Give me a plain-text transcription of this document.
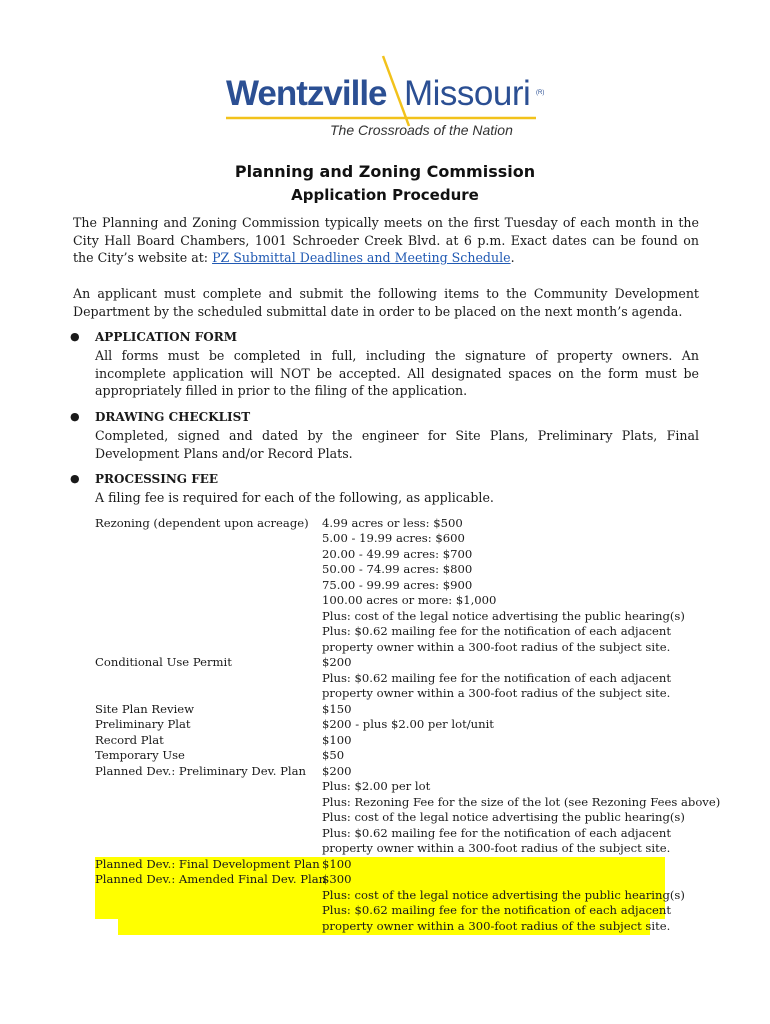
Wentzville Missouri (R)
The Crossroads of the Nation
Planning and Zoning Commission
Application Procedure
The Planning and Zoning Commission typically meets on the first Tuesday of each month in the City Hall Board Chambers, 1001 Schroeder Creek Blvd. at 6 p.m. Exact dates can be found on the City’s website at: PZ Submittal Deadlines and Meeting Schedule.
An applicant must complete and submit the following items to the Community Development Department by the scheduled submittal date in order to be placed on the next month’s agenda.
● APPLICATION FORM
All forms must be completed in full, including the signature of property owners. An incomplete application will NOT be accepted. All designated spaces on the form must be appropriately filled in prior to the filing of the application.
● DRAWING CHECKLIST
Completed, signed and dated by the engineer for Site Plans, Preliminary Plats, Final Development Plans and/or Record Plats.
● PROCESSING FEE
A filing fee is required for each of the following, as applicable.
Rezoning (dependent upon acreage)
Conditional Use Permit
Site Plan Review
Preliminary Plat
Record Plat
Temporary Use
Planned Dev.: Preliminary Dev. Plan
Planned Dev.: Final Development Plan
Planned Dev.: Amended Final Dev. Plan
4.99 acres or less: $500
5.00 - 19.99 acres: $600
20.00 - 49.99 acres: $700
50.00 - 74.99 acres: $800
75.00 - 99.99 acres: $900
100.00 acres or more: $1,000
Plus: cost of the legal notice advertising the public hearing(s)
Plus: $0.62 mailing fee for the notification of each adjacent
property owner within a 300-foot radius of the subject site.
$200
Plus: $0.62 mailing fee for the notification of each adjacent
property owner within a 300-foot radius of the subject site.
$150
$200 - plus $2.00 per lot/unit
$100
$50
$200
Plus: $2.00 per lot
Plus: Rezoning Fee for the size of the lot (see Rezoning Fees above)
Plus: cost of the legal notice advertising the public hearing(s)
Plus: $0.62 mailing fee for the notification of each adjacent
property owner within a 300-foot radius of the subject site.
$100
$300
Plus: cost of the legal notice advertising the public hearing(s)
Plus: $0.62 mailing fee for the notification of each adjacent
property owner within a 300-foot radius of the subject site.
